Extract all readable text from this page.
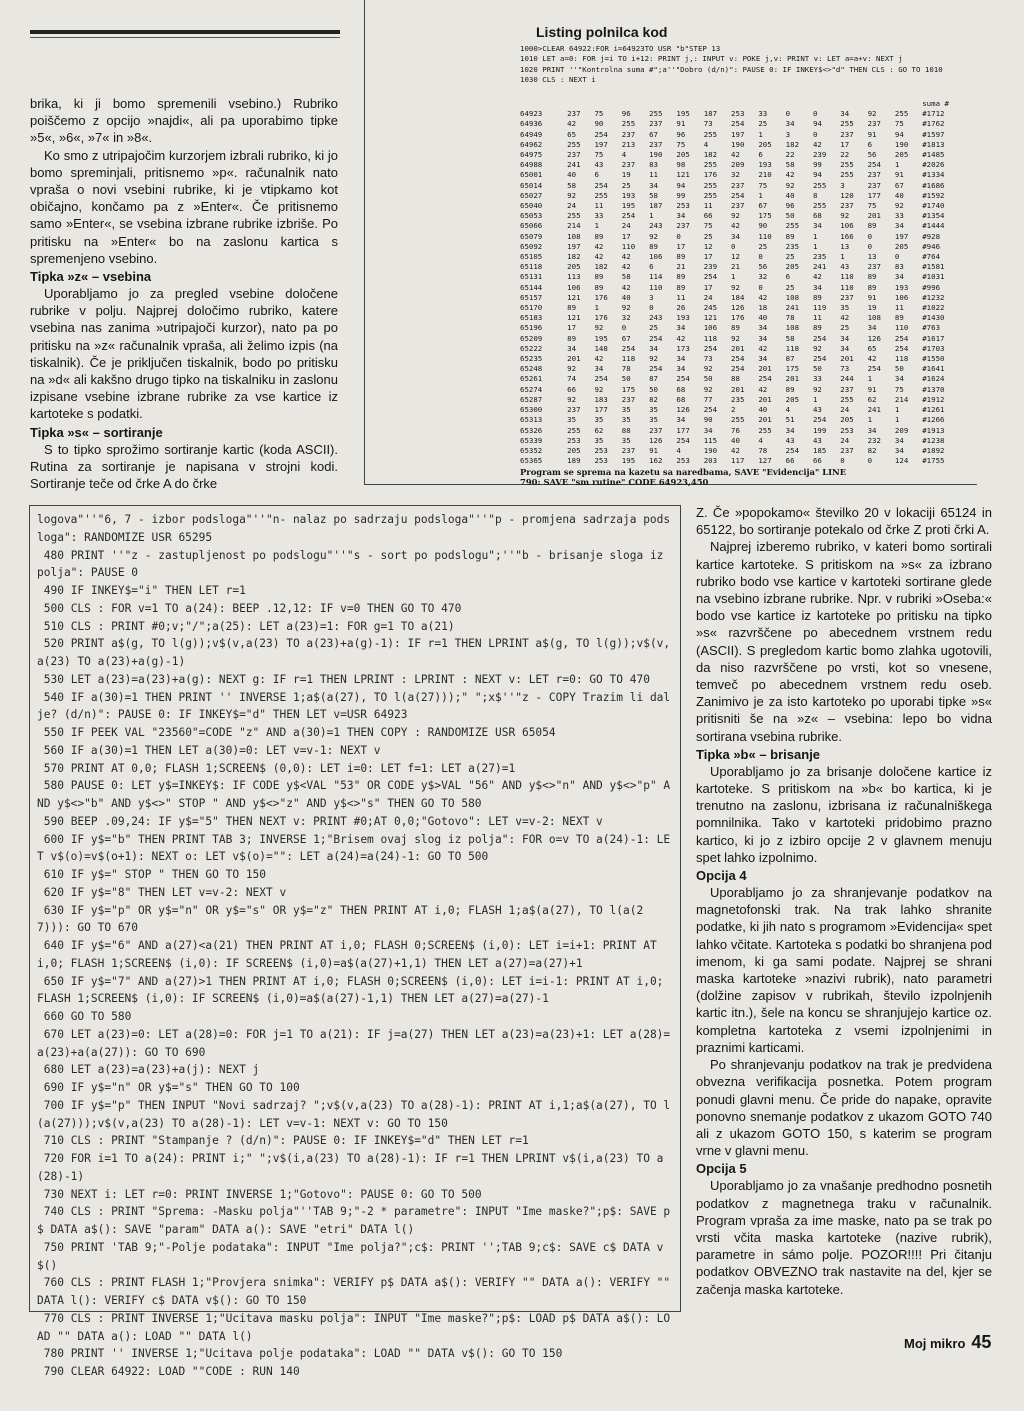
brika, ki ji bomo spremenili vsebino.) Rubriko poiščemo z opcijo »najdi«, ali pa uporabimo tipke »5«, »6«, »7« in »8«.

Ko smo z utripajočim kurzorjem izbrali rubriko, ki jo bomo spreminjali, pritisnemo »p«. računalnik nato vpraša o novi vsebini rubrike, ki je vtipkamo kot običajno, končamo pa z »Enter«. Če pritisnemo samo »Enter«, se vsebina izbrane rubrike izbriše. Po pritisku na »Enter« bo na zaslonu kartica s spremenjeno vsebino.

Tipka »z« – vsebina

Uporabljamo jo za pregled vsebine določene rubrike v polju. Najprej določimo rubriko, katere vsebina nas zanima »utripajoči kurzor), nato pa po pritisku na »z« računalnik vpraša, ali želimo izpis (na tiskalnik). Če je priključen tiskalnik, bodo po pritisku na »d« ali kakšno drugo tipko na tiskalniku in zaslonu izpisane vsebine izbrane rubrike za vse kartice iz kartoteke s podatki.

Tipka »s« – sortiranje

S to tipko sprožimo sortiranje kartic (koda ASCII). Rutina za sortiranje je napisana v strojni kodi. Sortiranje teče od črke A do črke

Listing polnilca kod
1000>CLEAR 64922:FOR i=64923TO USR "b"STEP 13
1010 LET a=0: FOR j=i TO i+12: PRINT j,: INPUT v: POKE j,v: PRINT v: LET a=a+v: NEXT j
1020 PRINT ''"Kontrolna suma #";a''"Dobro (d/n)": PAUSE 0: IF INKEY$<>"d" THEN CLS : GO TO 1010
1030 CLS : NEXT i
														suma #
64923	237	75	96	255	195	187	253	33	0	0	34	92	255	#1712
64936	42	90	255	237	91	73	254	25	34	94	255	237	75	#1762
64949	65	254	237	67	96	255	197	1	3	0	237	91	94	#1597
64962	255	197	213	237	75	4	190	205	182	42	17	6	190	#1813
64975	237	75	4	190	205	182	42	6	22	239	22	56	205	#1485
64988	241	43	237	83	98	255	209	193	58	99	255	254	1	#2026
65001	40	6	19	11	121	176	32	210	42	94	255	237	91	#1334
65014	58	254	25	34	94	255	237	75	92	255	3	237	67	#1686
65027	92	255	193	58	99	255	254	1	40	8	120	177	40	#1592
65040	24	11	195	187	253	11	237	67	96	255	237	75	92	#1740
65053	255	33	254	1	34	66	92	175	50	68	92	201	33	#1354
65066	214	1	24	243	237	75	42	90	255	34	106	89	34	#1444
65079	108	89	17	92	0	25	34	110	89	1	166	0	197	#928
65092	197	42	110	89	17	12	0	25	235	1	13	0	205	#946
65105	182	42	42	106	89	17	12	0	25	235	1	13	0	#764
65118	205	182	42	6	21	239	21	56	205	241	43	237	83	#1581
65131	113	89	58	114	89	254	1	32	6	42	110	89	34	#1031
65144	106	89	42	110	89	17	92	0	25	34	110	89	193	#996
65157	121	176	40	3	11	24	184	42	108	89	237	91	106	#1232
65170	89	1	92	0	26	245	126	18	241	119	35	19	11	#1022
65183	121	176	32	243	193	121	176	40	78	11	42	108	89	#1430
65196	17	92	0	25	34	106	89	34	108	89	25	34	110	#763
65209	89	195	67	254	42	118	92	34	58	254	34	126	254	#1617
65222	34	148	254	34	173	254	201	42	118	92	34	65	254	#1703
65235	201	42	118	92	34	73	254	34	87	254	201	42	118	#1550
65248	92	34	78	254	34	92	254	201	175	50	73	254	50	#1641
65261	74	254	50	87	254	50	88	254	201	33	244	1	34	#1624
65274	66	92	175	50	68	92	201	42	89	92	237	91	75	#1370
65287	92	183	237	82	68	77	235	201	205	1	255	62	214	#1912
65300	237	177	35	35	126	254	2	40	4	43	24	241	1	#1261
65313	35	35	35	35	34	90	255	201	51	254	205	1	1	#1266
65326	255	62	88	237	177	34	76	255	34	199	253	34	209	#1913
65339	253	35	35	126	254	115	40	4	43	43	24	232	34	#1238
65352	205	253	237	91	4	190	42	78	254	185	237	82	34	#1892
65365	189	253	195	162	253	203	117	127	66	66	0	0	124	#1755
Program se sprema na kazetu sa naredbama, SAVE "Evidencija" LINE
790: SAVE "sm rutine" CODE 64923,450
logova"''"6, 7 - izbor podsloga"''"n- nalaz po sadrzaju podsloga"''"p - promjena sadrzaja podsloga": RANDOMIZE USR 65295
480 PRINT ''"z - zastupljenost po podslogu"''"s - sort po podslogu";''"b - brisanje sloga iz polja": PAUSE 0
490 IF INKEY$="i" THEN LET r=1
500 CLS : FOR v=1 TO a(24): BEEP .12,12: IF v=0 THEN GO TO 470
510 CLS : PRINT #0;v;"/";a(25): LET a(23)=1: FOR g=1 TO a(21)
520 PRINT a$(g, TO l(g));v$(v,a(23) TO a(23)+a(g)-1): IF r=1 THEN LPRINT a$(g, TO l(g));v$(v,a(23) TO a(23)+a(g)-1)
530 LET a(23)=a(23)+a(g): NEXT g: IF r=1 THEN LPRINT : LPRINT : NEXT v: LET r=0: GO TO 470
540 IF a(30)=1 THEN PRINT '' INVERSE 1;a$(a(27), TO l(a(27)));" ";x$''"z - COPY Trazim li dalje? (d/n)": PAUSE 0: IF INKEY$="d" THEN LET v=USR 64923
550 IF PEEK VAL "23560"=CODE "z" AND a(30)=1 THEN COPY : RANDOMIZE USR 65054
560 IF a(30)=1 THEN LET a(30)=0: LET v=v-1: NEXT v
570 PRINT AT 0,0; FLASH 1;SCREEN$ (0,0): LET i=0: LET f=1: LET a(27)=1
580 PAUSE 0: LET y$=INKEY$: IF CODE y$<VAL "53" OR CODE y$>VAL "56" AND y$<>"n" AND y$<>"p" AND y$<>"b" AND y$<>" STOP " AND y$<>"z" AND y$<>"s" THEN GO TO 580
590 BEEP .09,24: IF y$="5" THEN NEXT v: PRINT #0;AT 0,0;"Gotovo": LET v=v-2: NEXT v
600 IF y$="b" THEN PRINT TAB 3; INVERSE 1;"Brisem ovaj slog iz polja": FOR o=v TO a(24)-1: LET v$(o)=v$(o+1): NEXT o: LET v$(o)="": LET a(24)=a(24)-1: GO TO 500
610 IF y$=" STOP " THEN GO TO 150
620 IF y$="8" THEN LET v=v-2: NEXT v
630 IF y$="p" OR y$="n" OR y$="s" OR y$="z" THEN PRINT AT i,0; FLASH 1;a$(a(27), TO l(a(27))): GO TO 670
640 IF y$="6" AND a(27)<a(21) THEN PRINT AT i,0; FLASH 0;SCREEN$ (i,0): LET i=i+1: PRINT AT i,0; FLASH 1;SCREEN$ (i,0): IF SCREEN$ (i,0)=a$(a(27)+1,1) THEN LET a(27)=a(27)+1
650 IF y$="7" AND a(27)>1 THEN PRINT AT i,0; FLASH 0;SCREEN$ (i,0): LET i=i-1: PRINT AT i,0; FLASH 1;SCREEN$ (i,0): IF SCREEN$ (i,0)=a$(a(27)-1,1) THEN LET a(27)=a(27)-1
660 GO TO 580
670 LET a(23)=0: LET a(28)=0: FOR j=1 TO a(21): IF j=a(27) THEN LET a(23)=a(23)+1: LET a(28)=a(23)+a(a(27)): GO TO 690
680 LET a(23)=a(23)+a(j): NEXT j
690 IF y$="n" OR y$="s" THEN GO TO 100
700 IF y$="p" THEN INPUT "Novi sadrzaj? ";v$(v,a(23) TO a(28)-1): PRINT AT i,1;a$(a(27), TO l(a(27)));v$(v,a(23) TO a(28)-1): LET v=v-1: NEXT v: GO TO 150
710 CLS : PRINT "Stampanje ? (d/n)": PAUSE 0: IF INKEY$="d" THEN LET r=1
720 FOR i=1 TO a(24): PRINT i;" ";v$(i,a(23) TO a(28)-1): IF r=1 THEN LPRINT v$(i,a(23) TO a(28)-1)
730 NEXT i: LET r=0: PRINT INVERSE 1;"Gotovo": PAUSE 0: GO TO 500
740 CLS : PRINT "Sprema: -Masku polja"''TAB 9;"-2 * parametre": INPUT "Ime maske?";p$: SAVE p$ DATA a$(): SAVE "param" DATA a(): SAVE "etri" DATA l()
750 PRINT 'TAB 9;"-Polje podataka": INPUT "Ime polja?";c$: PRINT '';TAB 9;c$: SAVE c$ DATA v$()
760 CLS : PRINT FLASH 1;"Provjera snimka": VERIFY p$ DATA a$(): VERIFY "" DATA a(): VERIFY "" DATA l(): VERIFY c$ DATA v$(): GO TO 150
770 CLS : PRINT INVERSE 1;"Ucitava masku polja": INPUT "Ime maske?";p$: LOAD p$ DATA a$(): LOAD "" DATA a(): LOAD "" DATA l()
780 PRINT '' INVERSE 1;"Ucitava polje podataka": LOAD "" DATA v$(): GO TO 150
790 CLEAR 64922: LOAD ""CODE : RUN 140

Z. Če »popokamo« številko 20 v lokaciji 65124 in 65122, bo sortiranje potekalo od črke Z proti črki A.

Najprej izberemo rubriko, v kateri bomo sortirali kartice kartoteke. S pritiskom na »s« za izbrano rubriko bodo vse kartice v kartoteki sortirane glede na vsebino izbrane rubrike. Npr. v rubriki »Oseba:« bodo vse kartice iz kartoteke po pritisku na tipko »s« razvrščene po abecednem vrstnem redu (ASCII). S pregledom kartic bomo zlahka ugotovili, da niso razvrščene po vrsti, kot so vnesene, temveč po abecednem vrstnem redu oseb. Zanimivo je za isto kartoteko po uporabi tipke »s« pritisniti še na »z« – vsebina: lepo bo vidna sortirana vsebina rubrike.

Tipka »b« – brisanje

Uporabljamo jo za brisanje določene kartice iz kartoteke. S pritiskom na »b« bo kartica, ki je trenutno na zaslonu, izbrisana iz računalniškega pomnilnika. Tako v kartoteki pridobimo prazno kartico, ki jo z izbiro opcije 2 v glavnem menuju spet lahko izpolnimo.

Opcija 4

Uporabljamo jo za shranjevanje podatkov na magnetofonski trak. Na trak lahko shranite podatke, ki jih nato s programom »Evidencija« spet lahko včitate. Kartoteka s podatki bo shranjena pod imenom, ki ga sami podate. Najprej se shrani maska kartoteke »nazivi rubrik), nato parametri (dolžine zapisov v rubrikah, število izpolnjenih kartic itn.), šele na koncu se shranjujejo kartice oz. kompletna kartoteka z vsemi izpolnjenimi in praznimi karticami.

Po shranjevanju podatkov na trak je predvidena obvezna verifikacija posnetka. Potem program ponudi glavni menu. Če pride do napake, opravite ponovno snemanje podatkov z ukazom GOTO 740 ali z ukazom GOTO 150, s katerim se program vrne v glavni menu.

Opcija 5

Uporabljamo jo za vnašanje predhodno posnetih podatkov z magnetnega traku v računalnik. Program vpraša za ime maske, nato pa se trak po vrsti včita maska kartoteke (nazive rubrik), parametre in sámo polje. POZOR!!!! Pri čitanju podatkov OBVEZNO trak nastavite na del, kjer se začenja maska kartoteke.

Moj mikro 45
